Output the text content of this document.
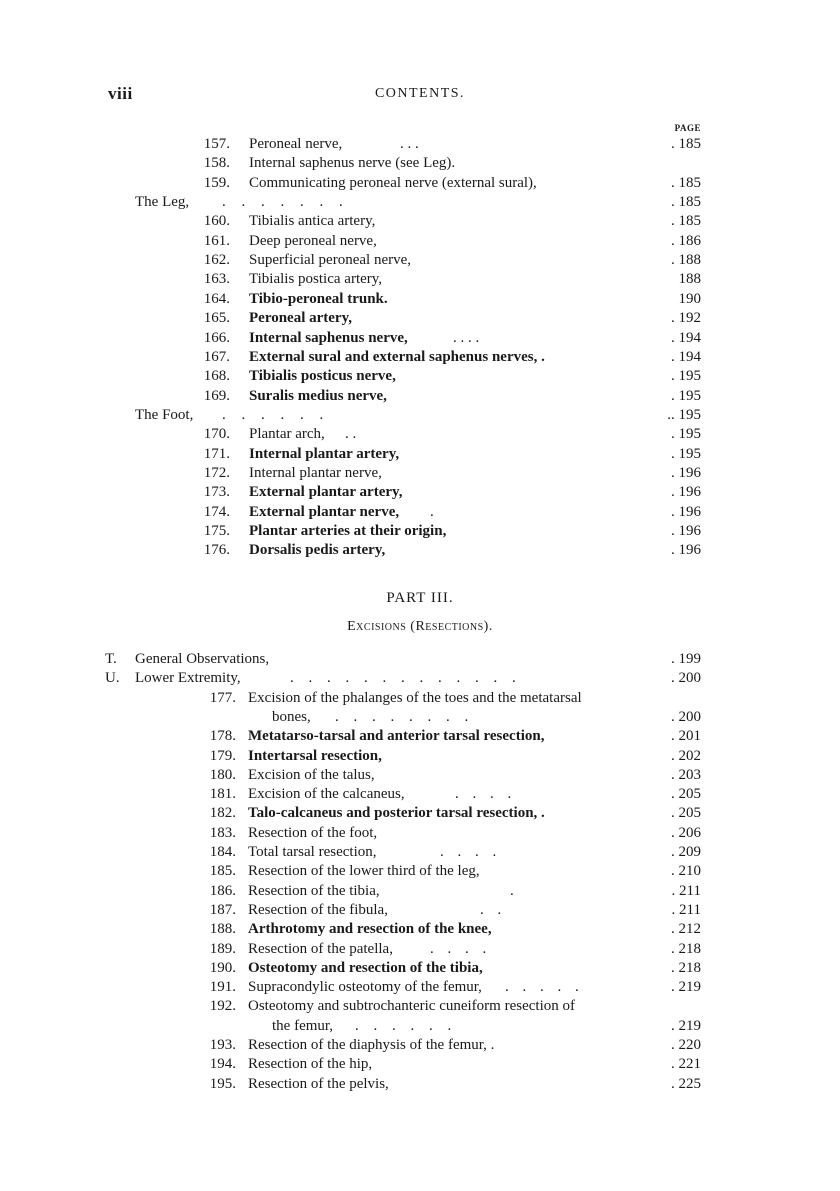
viii	CONTENTS.
PAGE
157. Peroneal nerve,	. . .	. 185
158. Internal saphenus nerve (see Leg).
159. Communicating peroneal nerve (external sural),	. 185
The Leg, . . . . . . .	. 185
160. Tibialis antica artery,	. 185
161. Deep peroneal nerve,	. 186
162. Superficial peroneal nerve,	. 188
163. Tibialis postica artery,	188
164. Tibio-peroneal trunk.	190
165. Peroneal artery,	. 192
166. Internal saphenus nerve,	. . . .	. 194
167. External sural and external saphenus nerves, .	. 194
168. Tibialis posticus nerve,	. 195
169. Suralis medius nerve,	. 195
The Foot, . . . . . .	.. 195
170. Plantar arch, . .	. 195
171. Internal plantar artery,	. 195
172. Internal plantar nerve,	. 196
173. External plantar artery,	. 196
174. External plantar nerve, .	. 196
175. Plantar arteries at their origin,	. 196
176. Dorsalis pedis artery,	. 196
PART III.
Excisions (Resections).
T. General Observations,	. 199
U. Lower Extremity,	. . . . . . . . . . . . .	. 200
177. Excision of the phalanges of the toes and the metatarsal
bones, . . . . . . . .	. 200
178. Metatarso-tarsal and anterior tarsal resection,	. 201
179. Intertarsal resection,	. 202
180. Excision of the talus,	. 203
181. Excision of the calcaneus,	. . . .	. 205
182. Talo-calcaneus and posterior tarsal resection, .	. 205
183. Resection of the foot,	. 206
184. Total tarsal resection,	. . . .	. 209
185. Resection of the lower third of the leg,	. 210
186. Resection of the tibia,	.	. 211
187. Resection of the fibula,	. .	. 211
188. Arthrotomy and resection of the knee,	. 212
189. Resection of the patella, . . . .	. 218
190. Osteotomy and resection of the tibia,	. 218
191. Supracondylic osteotomy of the femur, . . . . .	. 219
192. Osteotomy and subtrochanteric cuneiform resection of
the femur, . . . . . .	. 219
193. Resection of the diaphysis of the femur, .	. 220
194. Resection of the hip,	. 221
195. Resection of the pelvis,	. 225
